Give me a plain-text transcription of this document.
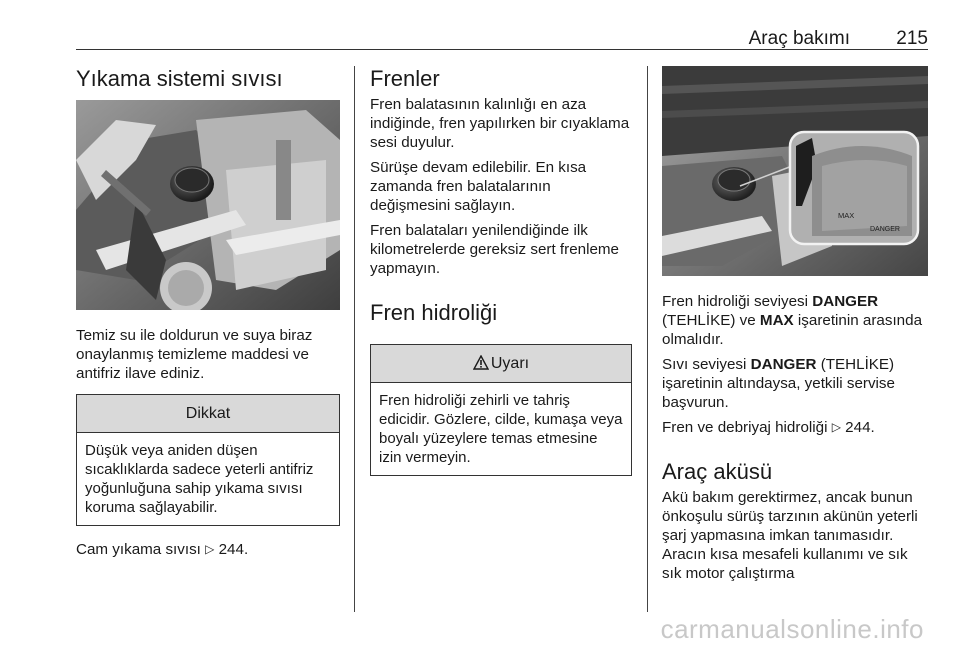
Araç bakımı 215
Yıkama sistemi sıvısı

Temiz su ile doldurun ve suya biraz onaylanmış temizleme maddesi ve antifriz ilave ediniz.

Dikkat

Düşük veya aniden düşen sıcaklıklarda sadece yeterli antifriz yoğunluğuna sahip yıkama sıvısı koruma sağlayabilir.

Cam yıkama sıvısı ▷ 244.

Frenler

Fren balatasının kalınlığı en aza indiğinde, fren yapılırken bir cıyaklama sesi duyulur.

Sürüşe devam edilebilir. En kısa zamanda fren balatalarının değişmesini sağlayın.

Fren balataları yenilendiğinde ilk kilometrelerde gereksiz sert frenleme yapmayın.

Fren hidroliği
Uyarı

Fren hidroliği zehirli ve tahriş edicidir. Gözlere, cilde, kumaşa veya boyalı yüzeylere temas etmesine izin vermeyin.

MAX
DANGER

Fren hidroliği seviyesi DANGER (TEHLİKE) ve MAX işaretinin arasında olmalıdır.

Sıvı seviyesi DANGER (TEHLİKE) işaretinin altındaysa, yetkili servise başvurun.

Fren ve debriyaj hidroliği ▷ 244.

Araç aküsü

Akü bakım gerektirmez, ancak bunun önkoşulu sürüş tarzının akünün yeterli şarj yapmasına imkan tanımasıdır. Aracın kısa mesafeli kullanımı ve sık sık motor çalıştırma

carmanualsonline.info
